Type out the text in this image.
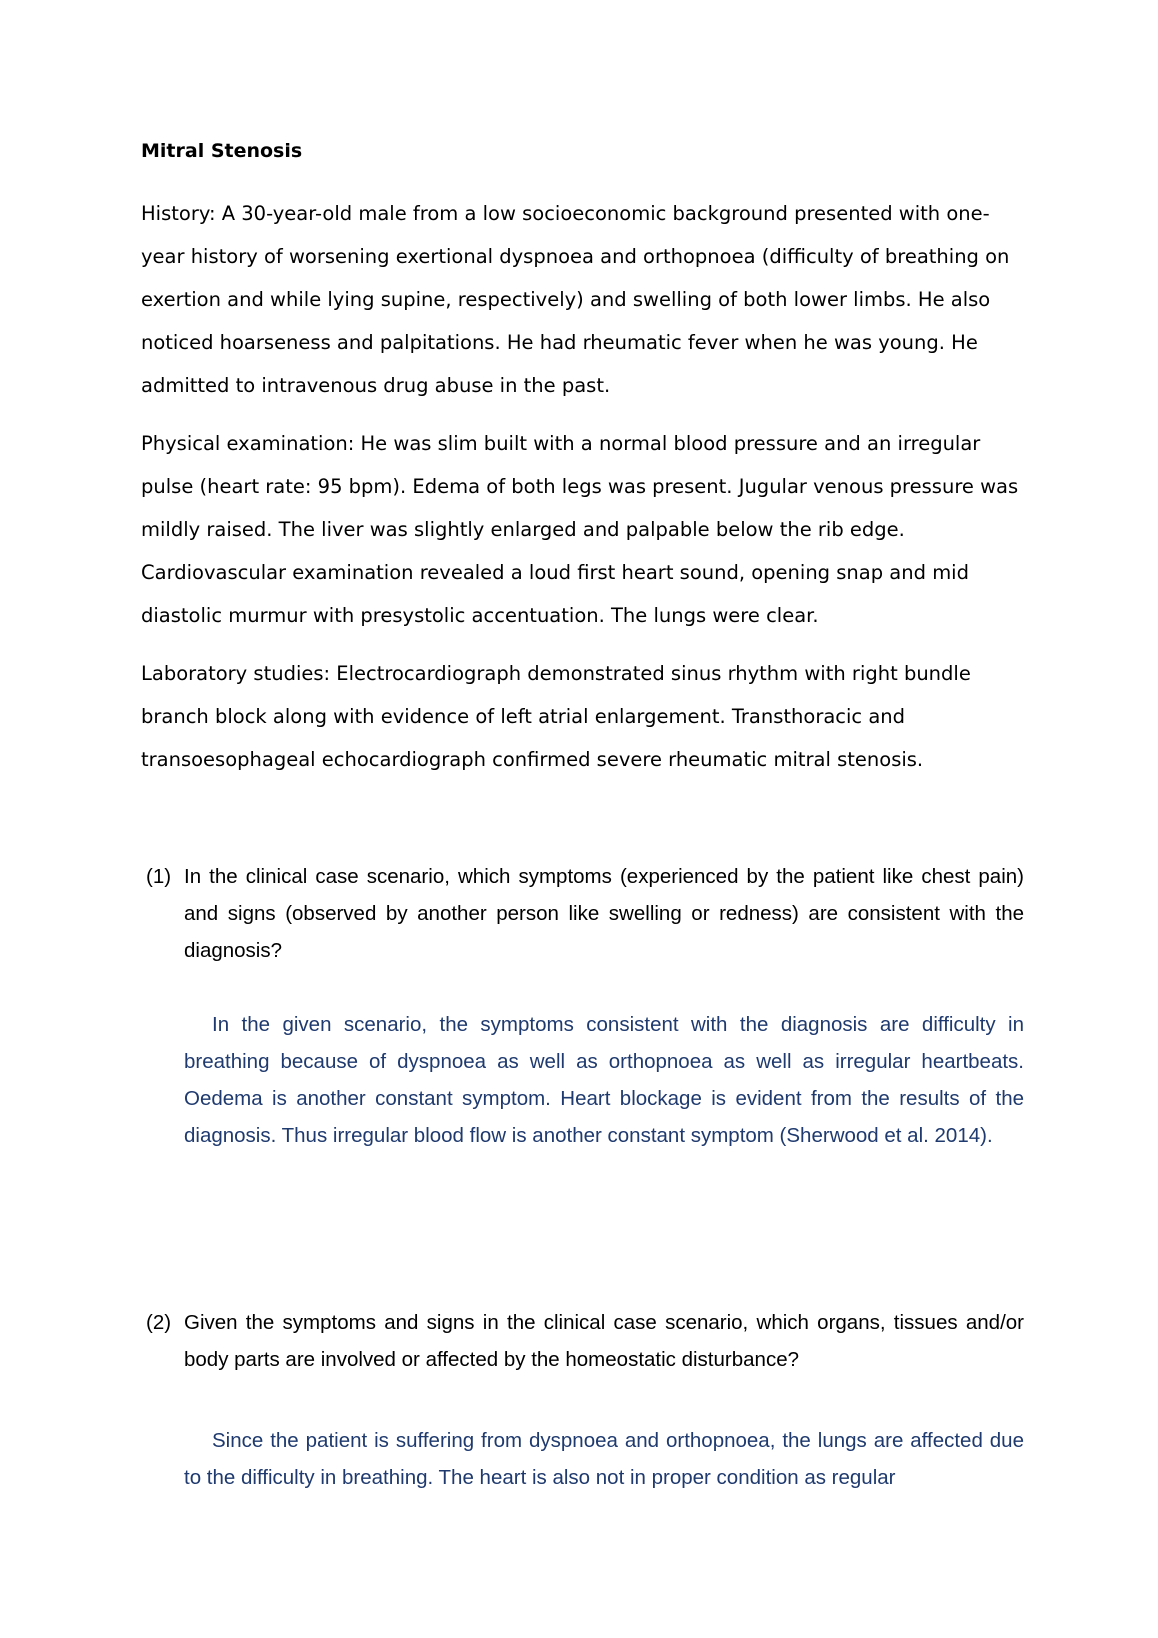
Mitral Stenosis

History: A 30-year-old male from a low socioeconomic background presented with one-year history of worsening exertional dyspnoea and orthopnoea (difficulty of breathing on exertion and while lying supine, respectively) and swelling of both lower limbs. He also noticed hoarseness and palpitations. He had rheumatic fever when he was young. He admitted to intravenous drug abuse in the past.

Physical examination: He was slim built with a normal blood pressure and an irregular pulse (heart rate: 95 bpm). Edema of both legs was present. Jugular venous pressure was mildly raised. The liver was slightly enlarged and palpable below the rib edge. Cardiovascular examination revealed a loud first heart sound, opening snap and mid diastolic murmur with presystolic accentuation. The lungs were clear.

Laboratory studies: Electrocardiograph demonstrated sinus rhythm with right bundle branch block along with evidence of left atrial enlargement. Transthoracic and transoesophageal echocardiograph confirmed severe rheumatic mitral stenosis.

(1) In the clinical case scenario, which symptoms (experienced by the patient like chest pain) and signs (observed by another person like swelling or redness) are consistent with the diagnosis?

In the given scenario, the symptoms consistent with the diagnosis are difficulty in breathing because of dyspnoea as well as orthopnoea as well as irregular heartbeats. Oedema is another constant symptom. Heart blockage is evident from the results of the diagnosis. Thus irregular blood flow is another constant symptom (Sherwood et al. 2014).

(2) Given the symptoms and signs in the clinical case scenario, which organs, tissues and/or body parts are involved or affected by the homeostatic disturbance?

Since the patient is suffering from dyspnoea and orthopnoea, the lungs are affected due to the difficulty in breathing. The heart is also not in proper condition as regular
